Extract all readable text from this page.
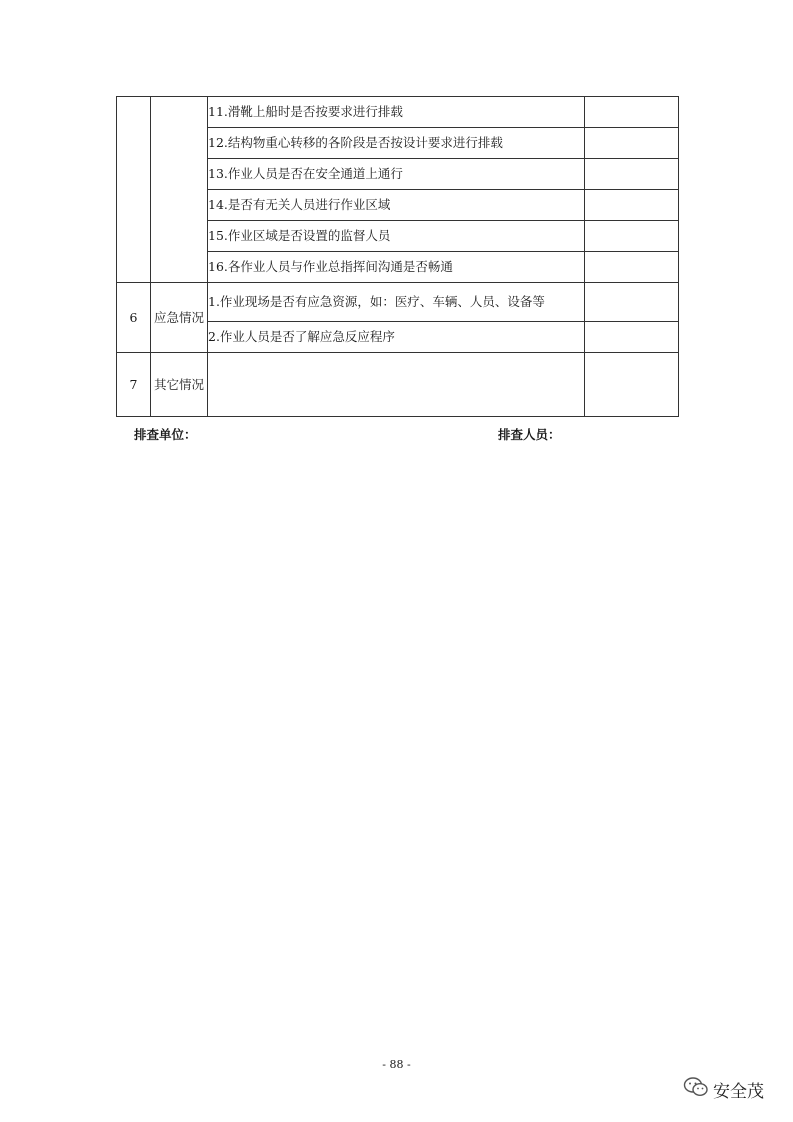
		11.滑靴上船时是否按要求进行排载	
		12.结构物重心转移的各阶段是否按设计要求进行排载	
		13.作业人员是否在安全通道上通行	
		14.是否有无关人员进行作业区域	
		15.作业区域是否设置的监督人员	
		16.各作业人员与作业总指挥间沟通是否畅通	
6	应急情况	1.作业现场是否有应急资源，如：医疗、车辆、人员、设备等	
		2.作业人员是否了解应急反应程序	
7	其它情况		
排查单位：	排查人员：
- 88 -
安全茂
